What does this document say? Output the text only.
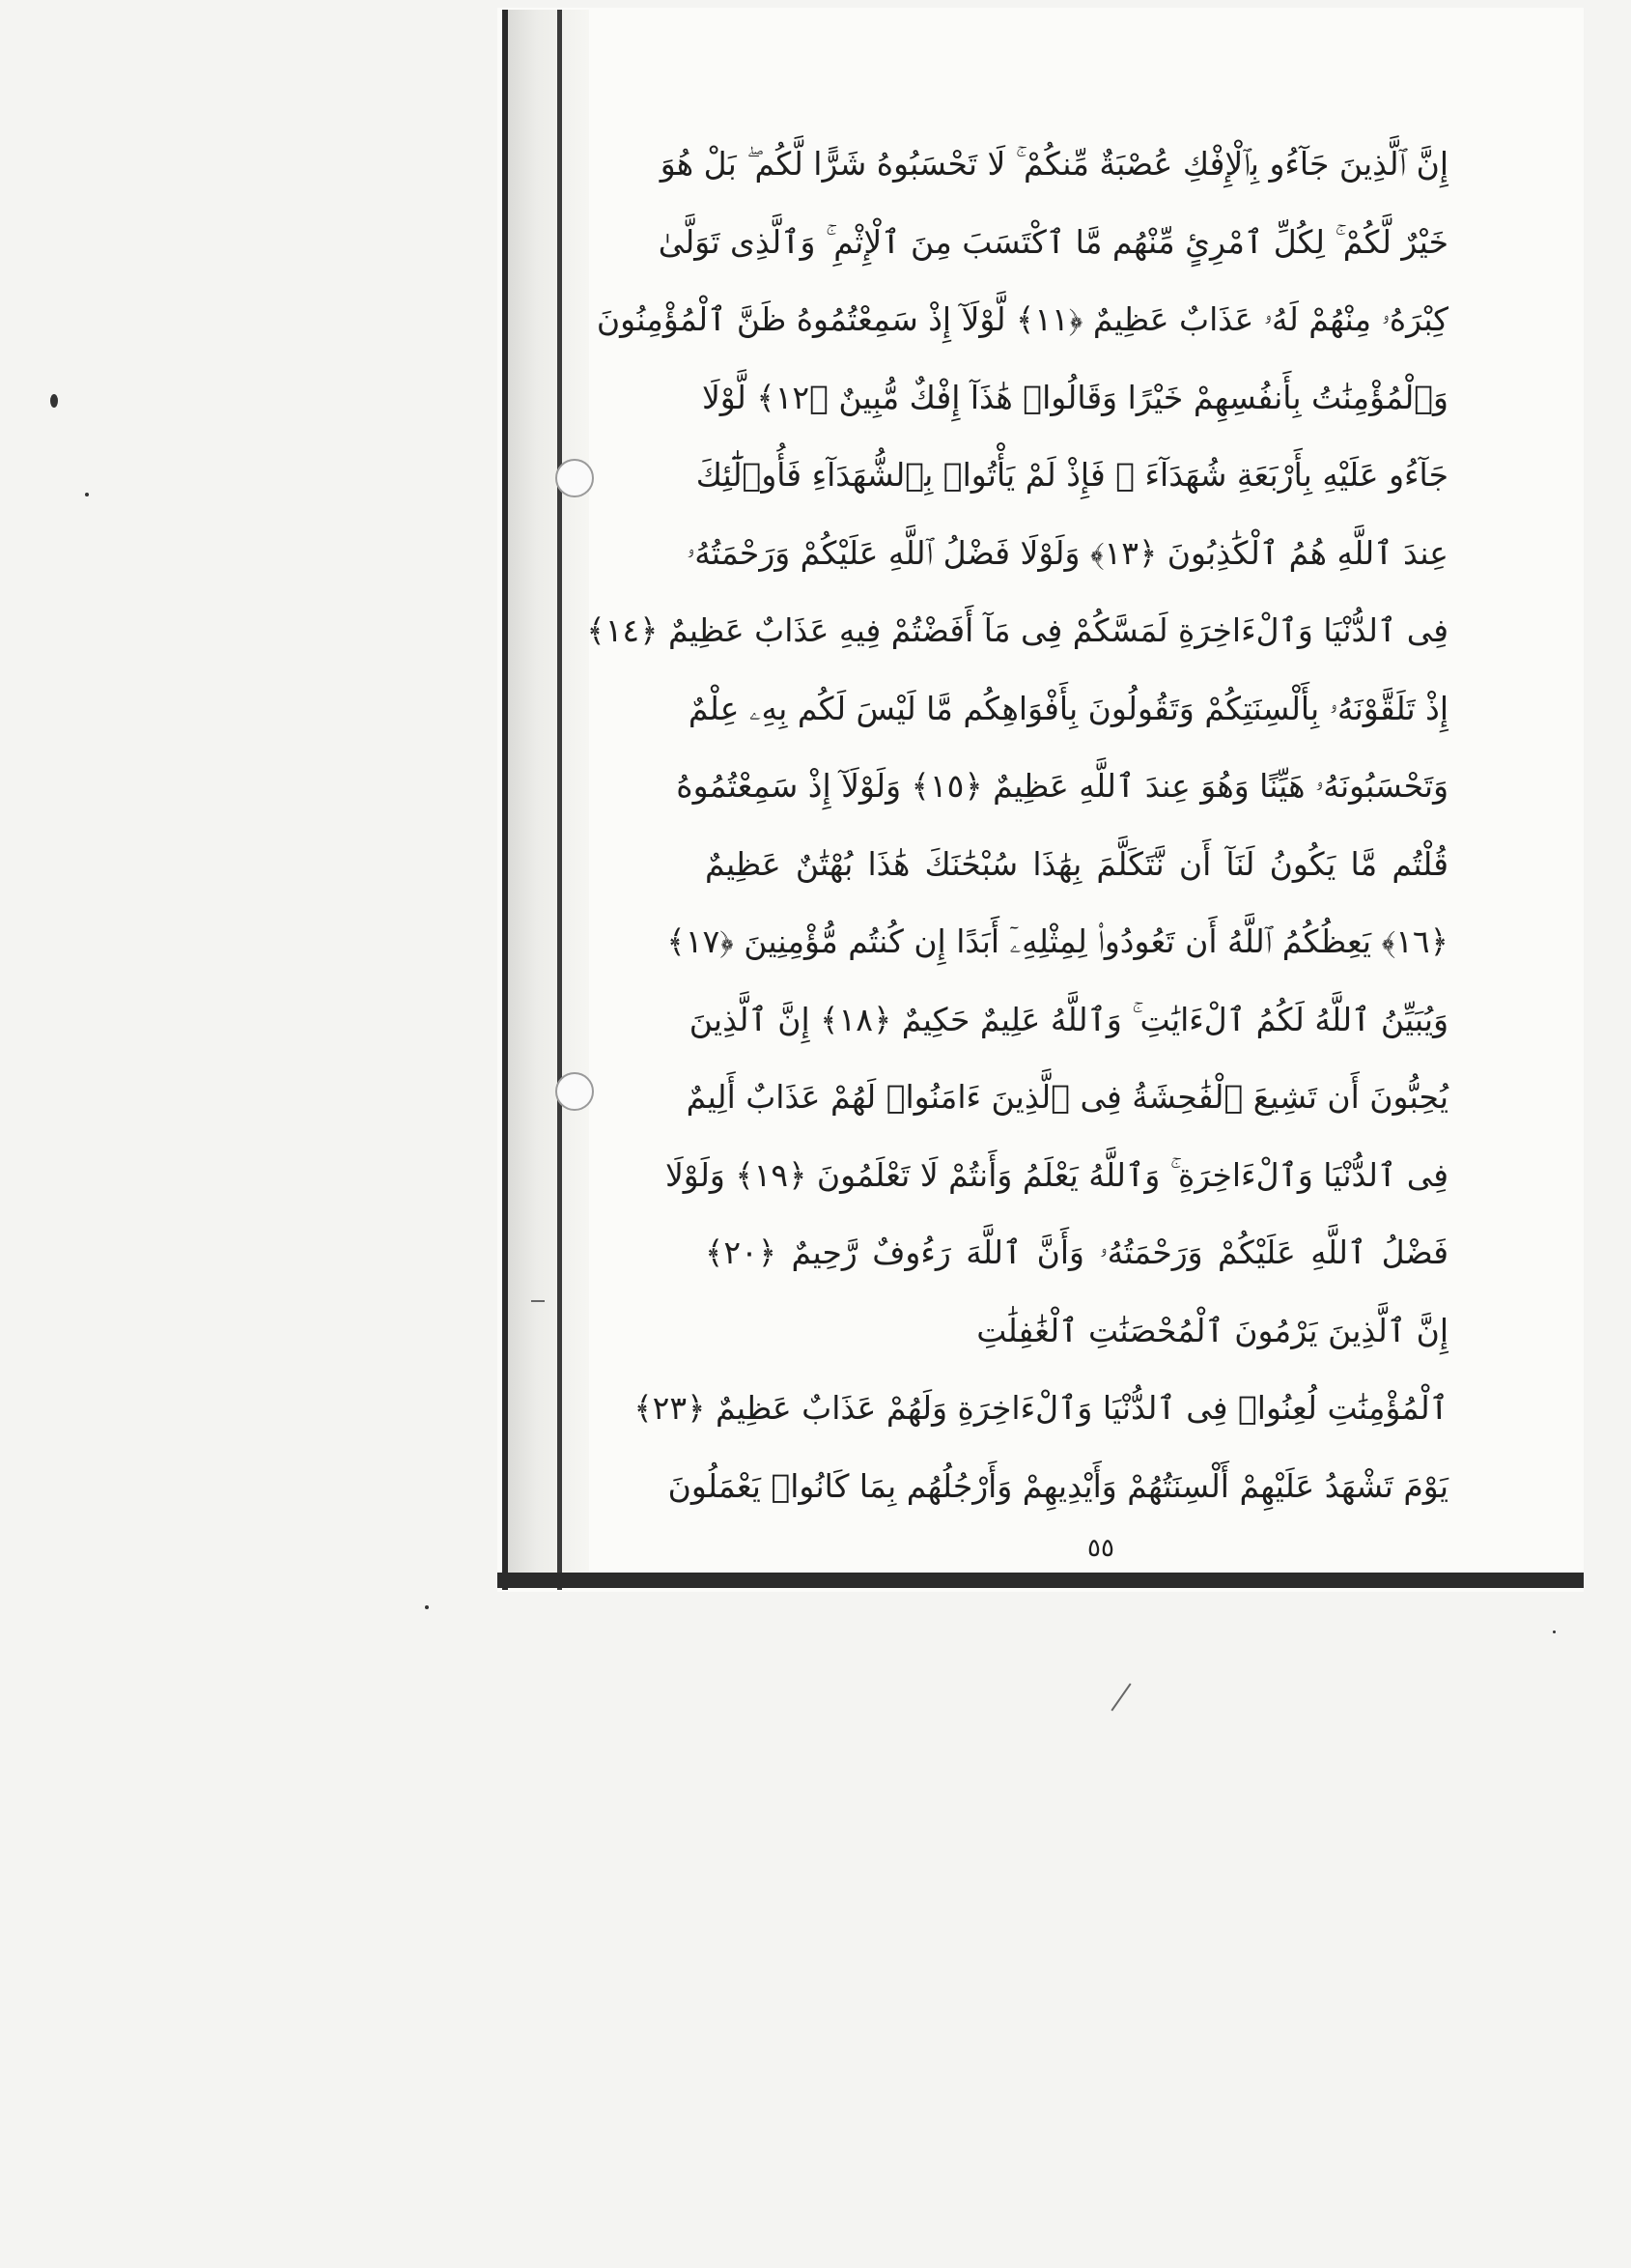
إِنَّ ٱلَّذِينَ جَآءُو بِٱلْإِفْكِ عُصْبَةٌ مِّنكُمْ ۚ لَا تَحْسَبُوهُ شَرًّا لَّكُم ۖ بَلْ هُوَ
خَيْرٌ لَّكُمْ ۚ لِكُلِّ ٱمْرِئٍ مِّنْهُم مَّا ٱكْتَسَبَ مِنَ ٱلْإِثْمِ ۚ وَٱلَّذِى تَوَلَّىٰ
كِبْرَهُۥ مِنْهُمْ لَهُۥ عَذَابٌ عَظِيمٌ ﴿١١﴾ لَّوْلَآ إِذْ سَمِعْتُمُوهُ ظَنَّ ٱلْمُؤْمِنُونَ
وَٱلْمُؤْمِنَٰتُ بِأَنفُسِهِمْ خَيْرًا وَقَالُوا۟ هَٰذَآ إِفْكٌ مُّبِينٌ ﴿١٢﴾ لَّوْلَا
جَآءُو عَلَيْهِ بِأَرْبَعَةِ شُهَدَآءَ ۚ فَإِذْ لَمْ يَأْتُوا۟ بِٱلشُّهَدَآءِ فَأُو۟لَٰٓئِكَ
عِندَ ٱللَّهِ هُمُ ٱلْكَٰذِبُونَ ﴿١٣﴾ وَلَوْلَا فَضْلُ ٱللَّهِ عَلَيْكُمْ وَرَحْمَتُهُۥ
فِى ٱلدُّنْيَا وَٱلْءَاخِرَةِ لَمَسَّكُمْ فِى مَآ أَفَضْتُمْ فِيهِ عَذَابٌ عَظِيمٌ ﴿١٤﴾
إِذْ تَلَقَّوْنَهُۥ بِأَلْسِنَتِكُمْ وَتَقُولُونَ بِأَفْوَاهِكُم مَّا لَيْسَ لَكُم بِهِۦ عِلْمٌ
وَتَحْسَبُونَهُۥ هَيِّنًا وَهُوَ عِندَ ٱللَّهِ عَظِيمٌ ﴿١٥﴾ وَلَوْلَآ إِذْ سَمِعْتُمُوهُ
قُلْتُم مَّا يَكُونُ لَنَآ أَن نَّتَكَلَّمَ بِهَٰذَا سُبْحَٰنَكَ هَٰذَا بُهْتَٰنٌ عَظِيمٌ
﴿١٦﴾ يَعِظُكُمُ ٱللَّهُ أَن تَعُودُوا۟ لِمِثْلِهِۦٓ أَبَدًا إِن كُنتُم مُّؤْمِنِينَ ﴿١٧﴾
وَيُبَيِّنُ ٱللَّهُ لَكُمُ ٱلْءَايَٰتِ ۚ وَٱللَّهُ عَلِيمٌ حَكِيمٌ ﴿١٨﴾ إِنَّ ٱلَّذِينَ
يُحِبُّونَ أَن تَشِيعَ ٱلْفَٰحِشَةُ فِى ٱلَّذِينَ ءَامَنُوا۟ لَهُمْ عَذَابٌ أَلِيمٌ
فِى ٱلدُّنْيَا وَٱلْءَاخِرَةِ ۚ وَٱللَّهُ يَعْلَمُ وَأَنتُمْ لَا تَعْلَمُونَ ﴿١٩﴾ وَلَوْلَا
فَضْلُ ٱللَّهِ عَلَيْكُمْ وَرَحْمَتُهُۥ وَأَنَّ ٱللَّهَ رَءُوفٌ رَّحِيمٌ ﴿٢٠﴾
إِنَّ ٱلَّذِينَ يَرْمُونَ ٱلْمُحْصَنَٰتِ ٱلْغَٰفِلَٰتِ
ٱلْمُؤْمِنَٰتِ لُعِنُوا۟ فِى ٱلدُّنْيَا وَٱلْءَاخِرَةِ وَلَهُمْ عَذَابٌ عَظِيمٌ ﴿٢٣﴾
يَوْمَ تَشْهَدُ عَلَيْهِمْ أَلْسِنَتُهُمْ وَأَيْدِيهِمْ وَأَرْجُلُهُم بِمَا كَانُوا۟ يَعْمَلُونَ
٥٥
